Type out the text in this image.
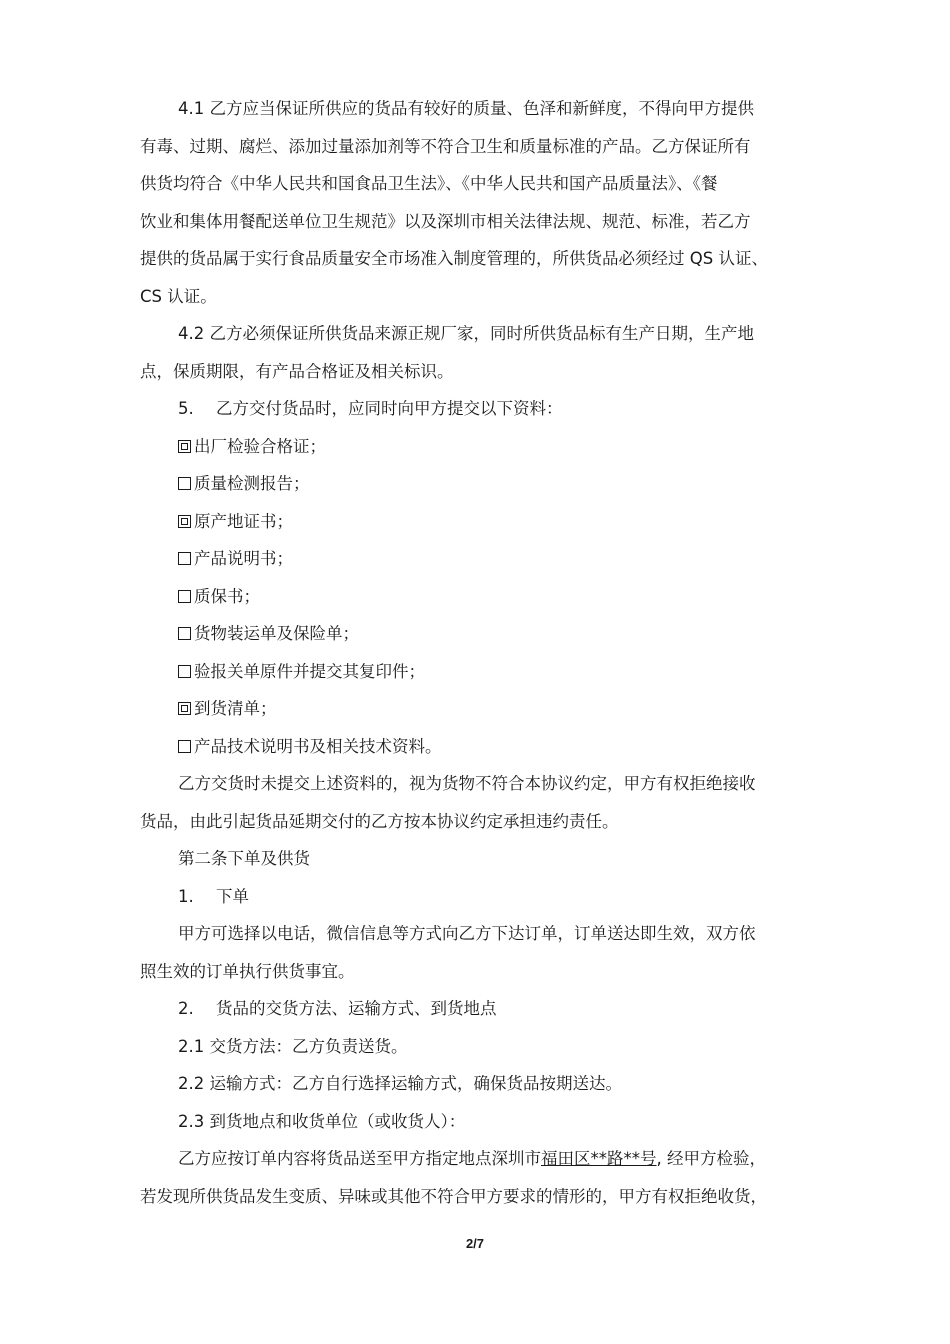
4.1 乙方应当保证所供应的货品有较好的质量、色泽和新鲜度，不得向甲方提供

有毒、过期、腐烂、添加过量添加剂等不符合卫生和质量标准的产品。乙方保证所有

供货均符合《中华人民共和国食品卫生法》、《中华人民共和国产品质量法》、《餐

饮业和集体用餐配送单位卫生规范》以及深圳市相关法律法规、规范、标准，若乙方

提供的货品属于实行食品质量安全市场准入制度管理的，所供货品必须经过 QS 认证、

CS 认证。

4.2 乙方必须保证所供货品来源正规厂家，同时所供货品标有生产日期，生产地

点，保质期限，有产品合格证及相关标识。

5. 乙方交付货品时，应同时向甲方提交以下资料：

出厂检验合格证；

质量检测报告；

原产地证书；

产品说明书；

质保书；

货物装运单及保险单；

验报关单原件并提交其复印件；

到货清单；

产品技术说明书及相关技术资料。

乙方交货时未提交上述资料的，视为货物不符合本协议约定，甲方有权拒绝接收

货品，由此引起货品延期交付的乙方按本协议约定承担违约责任。

第二条下单及供货

1. 下单

甲方可选择以电话，微信信息等方式向乙方下达订单，订单送达即生效，双方依

照生效的订单执行供货事宜。

2. 货品的交货方法、运输方式、到货地点

2.1 交货方法：乙方负责送货。

2.2 运输方式：乙方自行选择运输方式，确保货品按期送达。

2.3 到货地点和收货单位（或收货人）：

乙方应按订单内容将货品送至甲方指定地点深圳市福田区**路**号, 经甲方检验，

若发现所供货品发生变质、异味或其他不符合甲方要求的情形的，甲方有权拒绝收货，

2/7
